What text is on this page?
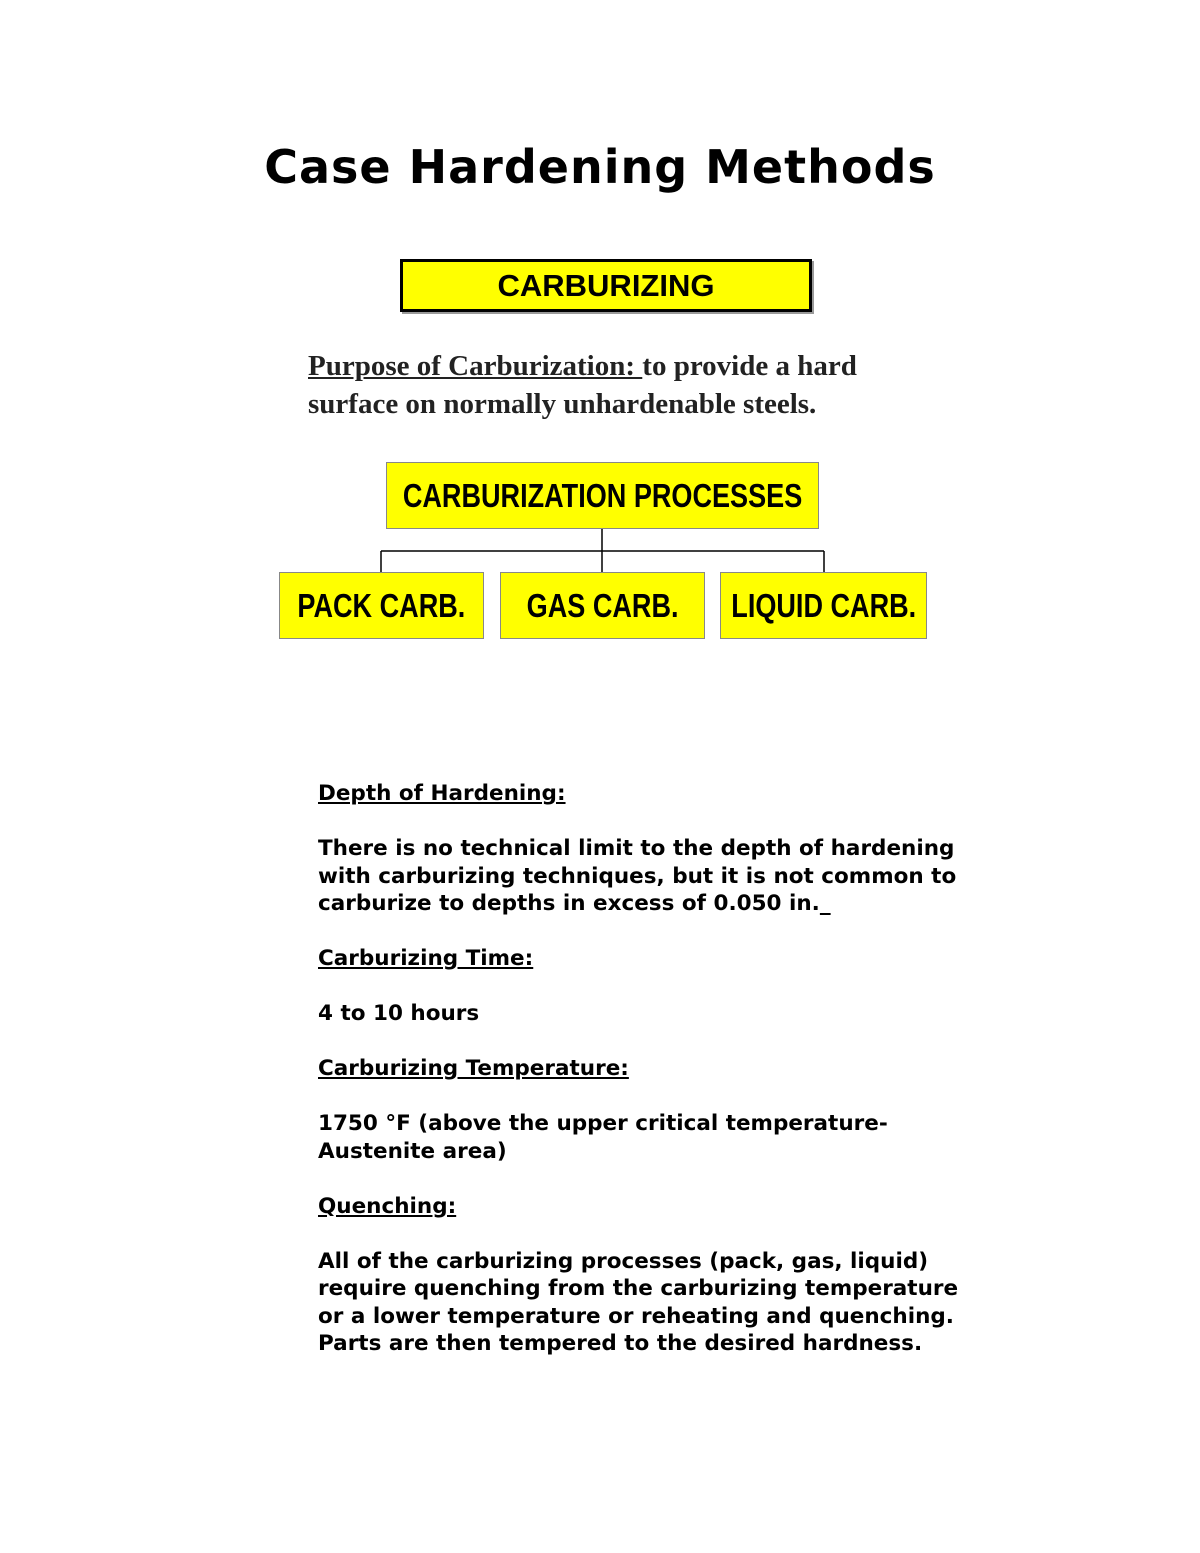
Case Hardening Methods
CARBURIZING

Purpose of Carburization: to provide a hard
surface on normally unhardenable steels.

CARBURIZATION PROCESSES
PACK CARB. GAS CARB. LIQUID CARB.

Depth of Hardening:

There is no technical limit to the depth of hardening
with carburizing techniques, but it is not common to
carburize to depths in excess of 0.050 in._

Carburizing Time:

4 to 10 hours

Carburizing Temperature:

1750 °F (above the upper critical temperature-
Austenite area)

Quenching:

All of the carburizing processes (pack, gas, liquid)
require quenching from the carburizing temperature
or a lower temperature or reheating and quenching.
Parts are then tempered to the desired hardness.
